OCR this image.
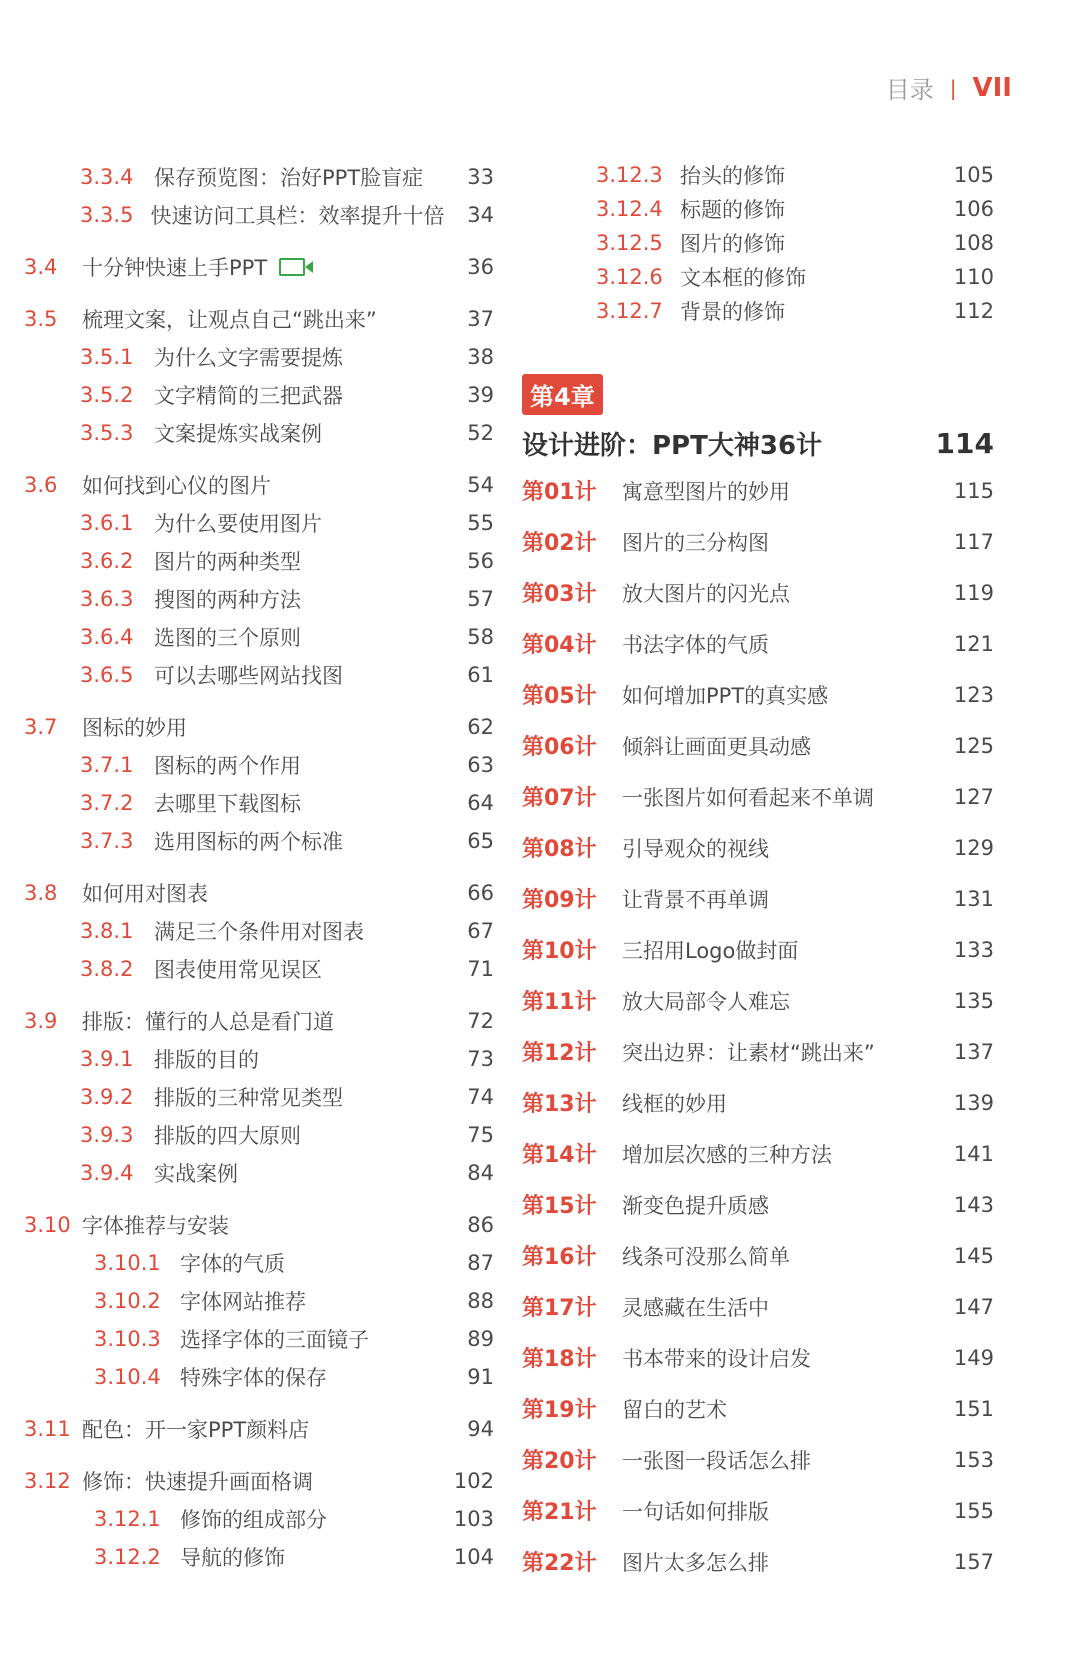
目录 | VII
3.3.4 保存预览图：治好PPT脸盲症	33
3.3.5 快速访问工具栏：效率提升十倍	34
3.4	十分钟快速上手PPT	36
3.5	梳理文案，让观点自己“跳出来”	37
3.5.1 为什么文字需要提炼	38
3.5.2 文字精简的三把武器	39
3.5.3 文案提炼实战案例	52
3.6	如何找到心仪的图片	54
3.6.1 为什么要使用图片	55
3.6.2 图片的两种类型	56
3.6.3 搜图的两种方法	57
3.6.4 选图的三个原则	58
3.6.5 可以去哪些网站找图	61
3.7	图标的妙用	62
3.7.1 图标的两个作用	63
3.7.2 去哪里下载图标	64
3.7.3 选用图标的两个标准	65
3.8	如何用对图表	66
3.8.1 满足三个条件用对图表	67
3.8.2 图表使用常见误区	71
3.9	排版：懂行的人总是看门道	72
3.9.1 排版的目的	73
3.9.2 排版的三种常见类型	74
3.9.3 排版的四大原则	75
3.9.4 实战案例	84
3.10 字体推荐与安装	86
3.10.1 字体的气质	87
3.10.2 字体网站推荐	88
3.10.3 选择字体的三面镜子	89
3.10.4 特殊字体的保存	91
3.11 配色：开一家PPT颜料店	94
3.12 修饰：快速提升画面格调	102
3.12.1 修饰的组成部分	103
3.12.2 导航的修饰	104
3.12.3 抬头的修饰	105
3.12.4 标题的修饰	106
3.12.5 图片的修饰	108
3.12.6 文本框的修饰	110
3.12.7 背景的修饰	112
第4章
设计进阶：PPT大神36计	114
第01计	寓意型图片的妙用	115
第02计	图片的三分构图	117
第03计	放大图片的闪光点	119
第04计	书法字体的气质	121
第05计	如何增加PPT的真实感	123
第06计	倾斜让画面更具动感	125
第07计	一张图片如何看起来不单调	127
第08计	引导观众的视线	129
第09计	让背景不再单调	131
第10计	三招用Logo做封面	133
第11计	放大局部令人难忘	135
第12计	突出边界：让素材“跳出来”	137
第13计	线框的妙用	139
第14计	增加层次感的三种方法	141
第15计	渐变色提升质感	143
第16计	线条可没那么简单	145
第17计	灵感藏在生活中	147
第18计	书本带来的设计启发	149
第19计	留白的艺术	151
第20计	一张图一段话怎么排	153
第21计	一句话如何排版	155
第22计	图片太多怎么排	157
